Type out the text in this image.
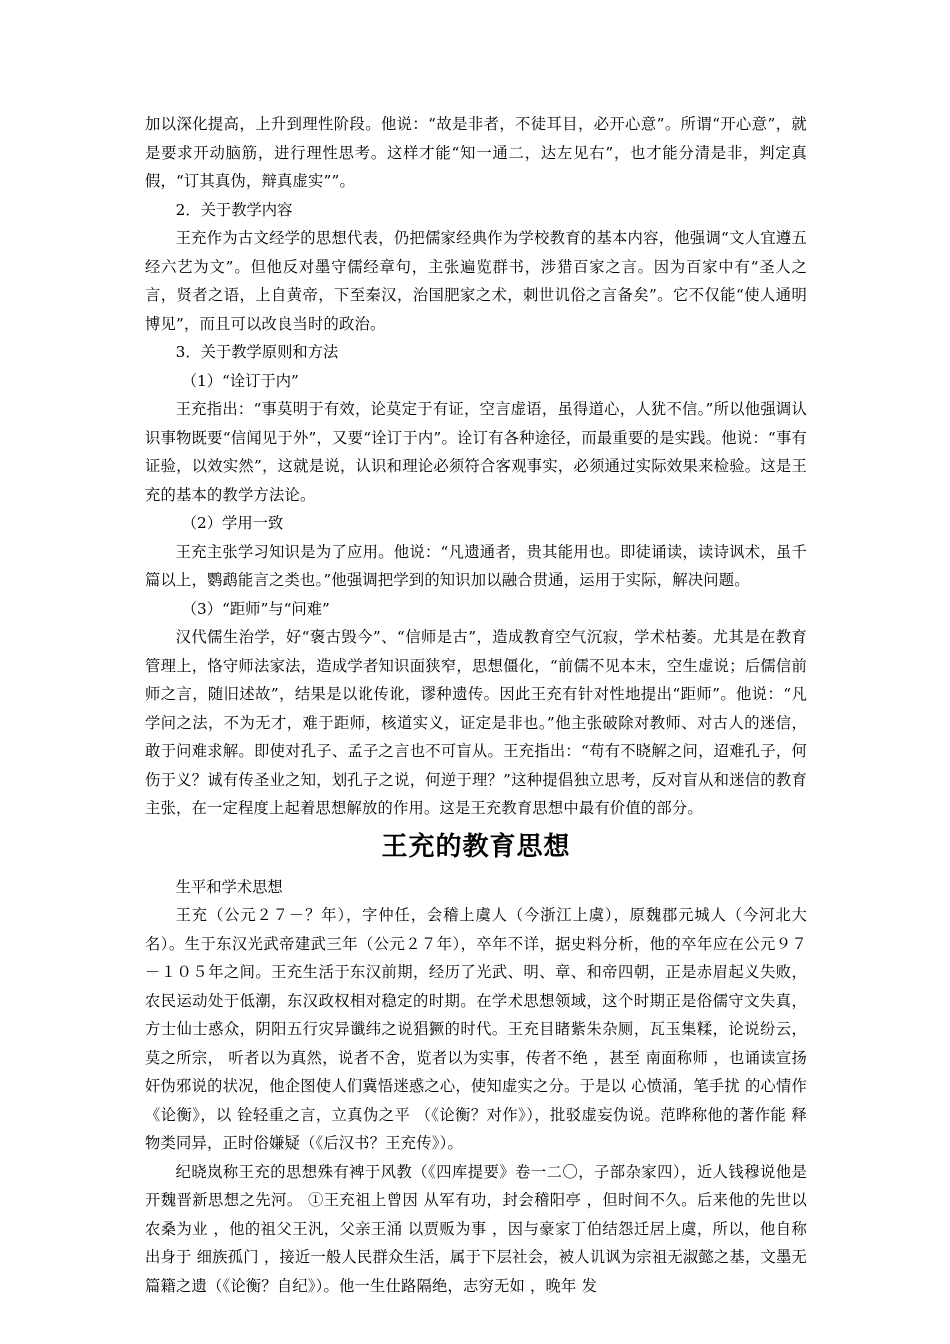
加以深化提高，上升到理性阶段。他说：“故是非者，不徒耳目，必开心意”。所谓“开心意”，就是要求开动脑筋，进行理性思考。这样才能“知一通二，达左见右”，也才能分清是非，判定真假，“订其真伪，辩真虚实””。

2．关于教学内容

王充作为古文经学的思想代表，仍把儒家经典作为学校教育的基本内容，他强调“文人宜遵五经六艺为文”。但他反对墨守儒经章句，主张遍览群书，涉猎百家之言。因为百家中有“圣人之言，贤者之语，上自黄帝，下至秦汉，治国肥家之术，刺世讥俗之言备矣”。它不仅能“使人通明博见”，而且可以改良当时的政治。

3．关于教学原则和方法

（1）“诠订于内”

王充指出：“事莫明于有效，论莫定于有证，空言虚语，虽得道心，人犹不信。”所以他强调认识事物既要“信闻见于外”，又要“诠订于内”。诠订有各种途径，而最重要的是实践。他说：“事有证验，以效实然”，这就是说，认识和理论必须符合客观事实，必须通过实际效果来检验。这是王充的基本的教学方法论。

（2）学用一致

王充主张学习知识是为了应用。他说：“凡遗通者，贵其能用也。即徒诵读，读诗讽术，虽千篇以上，鹦鹉能言之类也。”他强调把学到的知识加以融合贯通，运用于实际，解决问题。

（3）“距师”与“问难”

汉代儒生治学，好“褒古毁今”、“信师是古”，造成教育空气沉寂，学术枯萎。尤其是在教育管理上，恪守师法家法，造成学者知识面狭窄，思想僵化，“前儒不见本末，空生虚说；后儒信前师之言，随旧述故”，结果是以讹传讹，谬种遗传。因此王充有针对性地提出“距师”。他说：“凡学问之法，不为无才，难于距师，核道实义，证定是非也。”他主张破除对教师、对古人的迷信，敢于问难求解。即使对孔子、孟子之言也不可盲从。王充指出：“苟有不晓解之问，迢难孔子，何伤于义？诚有传圣业之知，划孔子之说，何逆于理？”这种提倡独立思考，反对盲从和迷信的教育主张，在一定程度上起着思想解放的作用。这是王充教育思想中最有价值的部分。

王充的教育思想

生平和学术思想

王充（公元２７－？年），字仲任，会稽上虞人（今浙江上虞），原魏郡元城人（今河北大名）。生于东汉光武帝建武三年（公元２７年），卒年不详，据史料分析，他的卒年应在公元９７－１０５年之间。王充生活于东汉前期，经历了光武、明、章、和帝四朝，正是赤眉起义失败，农民运动处于低潮，东汉政权相对稳定的时期。在学术思想领域，这个时期正是俗儒守文失真，方士仙士惑众，阴阳五行灾异谶纬之说猖獗的时代。王充目睹紫朱杂厕，瓦玉集糅，论说纷云，莫之所宗， 听者以为真然，说者不舍，览者以为实事，传者不绝 ，甚至 南面称师 ，也诵读宣扬奸伪邪说的状况，他企图使人们冀悟迷惑之心，使知虚实之分。于是以 心愤涌，笔手扰 的心情作《论衡》，以 铨轻重之言，立真伪之平 （《论衡？对作》），批驳虚妄伪说。范晔称他的著作能 释物类同异，正时俗嫌疑（《后汉书？王充传》）。

纪晓岚称王充的思想殊有裨于风教（《四库提要》卷一二〇，子部杂家四），近人钱穆说他是开魏晋新思想之先河。 ①王充祖上曾因 从军有功，封会稽阳亭 ，但时间不久。后来他的先世以农桑为业 ，他的祖父王汎，父亲王涌 以贾贩为事 ，因与豪家丁伯结怨迁居上虞，所以，他自称出身于 细族孤门 ，接近一般人民群众生活，属于下层社会，被人讥讽为宗祖无淑懿之基，文墨无篇籍之遗（《论衡？自纪》）。他一生仕路隔绝，志穷无如 ，晚年 发
